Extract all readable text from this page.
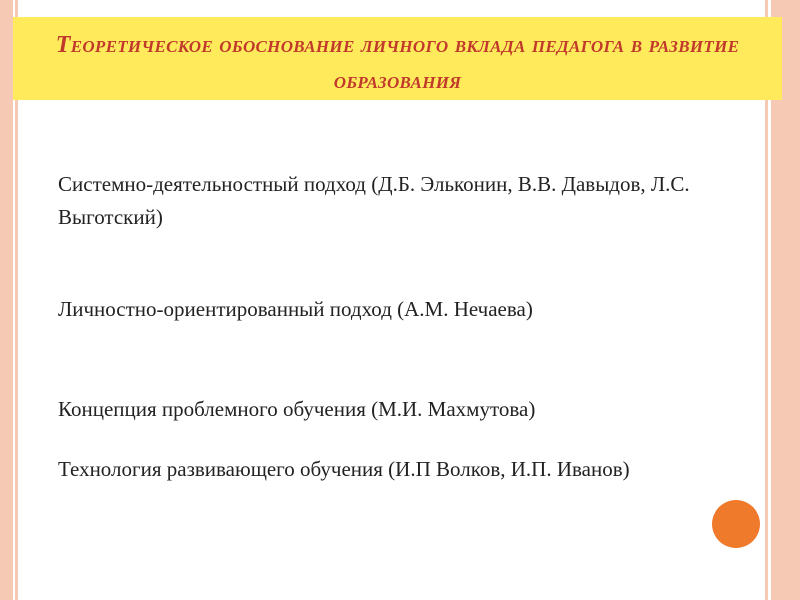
Теоретическое обоснование личного вклада педагога в развитие образования

Системно-деятельностный подход (Д.Б. Эльконин, В.В. Давыдов, Л.С. Выготский)

Личностно-ориентированный подход (А.М. Нечаева)

Концепция проблемного обучения (М.И. Махмутова)

Технология развивающего обучения (И.П Волков, И.П. Иванов)
